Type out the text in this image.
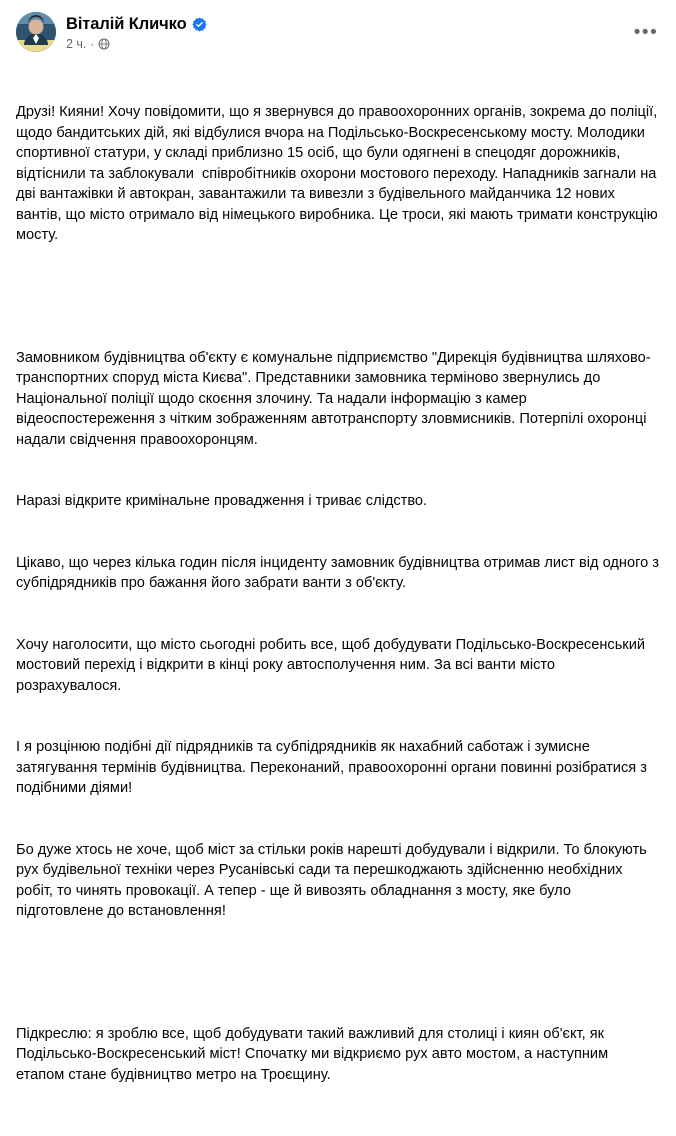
Віталій Кличко
2 ч. ·
•••

Друзі! Кияни! Хочу повідомити, що я звернувся до правоохоронних органів, зокрема до поліції, щодо бандитських дій, які відбулися вчора на Подільсько-Воскресенському мосту. Молодики спортивної статури, у складі приблизно 15 осіб, що були одягнені в спецодяг дорожників, відтіснили та заблокували  співробітників охорони мостового переходу. Нападників загнали на дві вантажівки й автокран, завантажили та вивезли з будівельного майданчика 12 нових вантів, що місто отримало від німецького виробника. Це троси, які мають тримати конструкцію мосту.

Замовником будівництва об'єкту є комунальне підприємство "Дирекція будівництва шляхово-транспортних споруд міста Києва". Представники замовника терміново звернулись до Національної поліції щодо скоєння злочину. Та надали інформацію з камер відеоспостереження з чітким зображенням автотранспорту зловмисників. Потерпілі охоронці надали свідчення правоохоронцям.

Наразі відкрите кримінальне провадження і триває слідство.

Цікаво, що через кілька годин після інциденту замовник будівництва отримав лист від одного з субпідрядників про бажання його забрати ванти з об'єкту.

Хочу наголосити, що місто сьогодні робить все, щоб добудувати Подільсько-Воскресенський мостовий перехід і відкрити в кінці року автосполучення ним. За всі ванти місто розрахувалося.

І я розцінюю подібні дії підрядників та субпідрядників як нахабний саботаж і зумисне затягування термінів будівництва. Переконаний, правоохоронні органи повинні розібратися з подібними діями!

Бо дуже хтось не хоче, щоб міст за стільки років нарешті добудували і відкрили. То блокують рух будівельної техніки через Русанівські сади та перешкоджають здійсненню необхідних робіт, то чинять провокації. А тепер - ще й вивозять обладнання з мосту, яке було підготовлене до встановлення!

Підкреслю: я зроблю все, щоб добудувати такий важливий для столиці і киян об'єкт, як Подільсько-Воскресенський міст! Спочатку ми відкриємо рух авто мостом, а наступним етапом стане будівництво метро на Троєщину.
